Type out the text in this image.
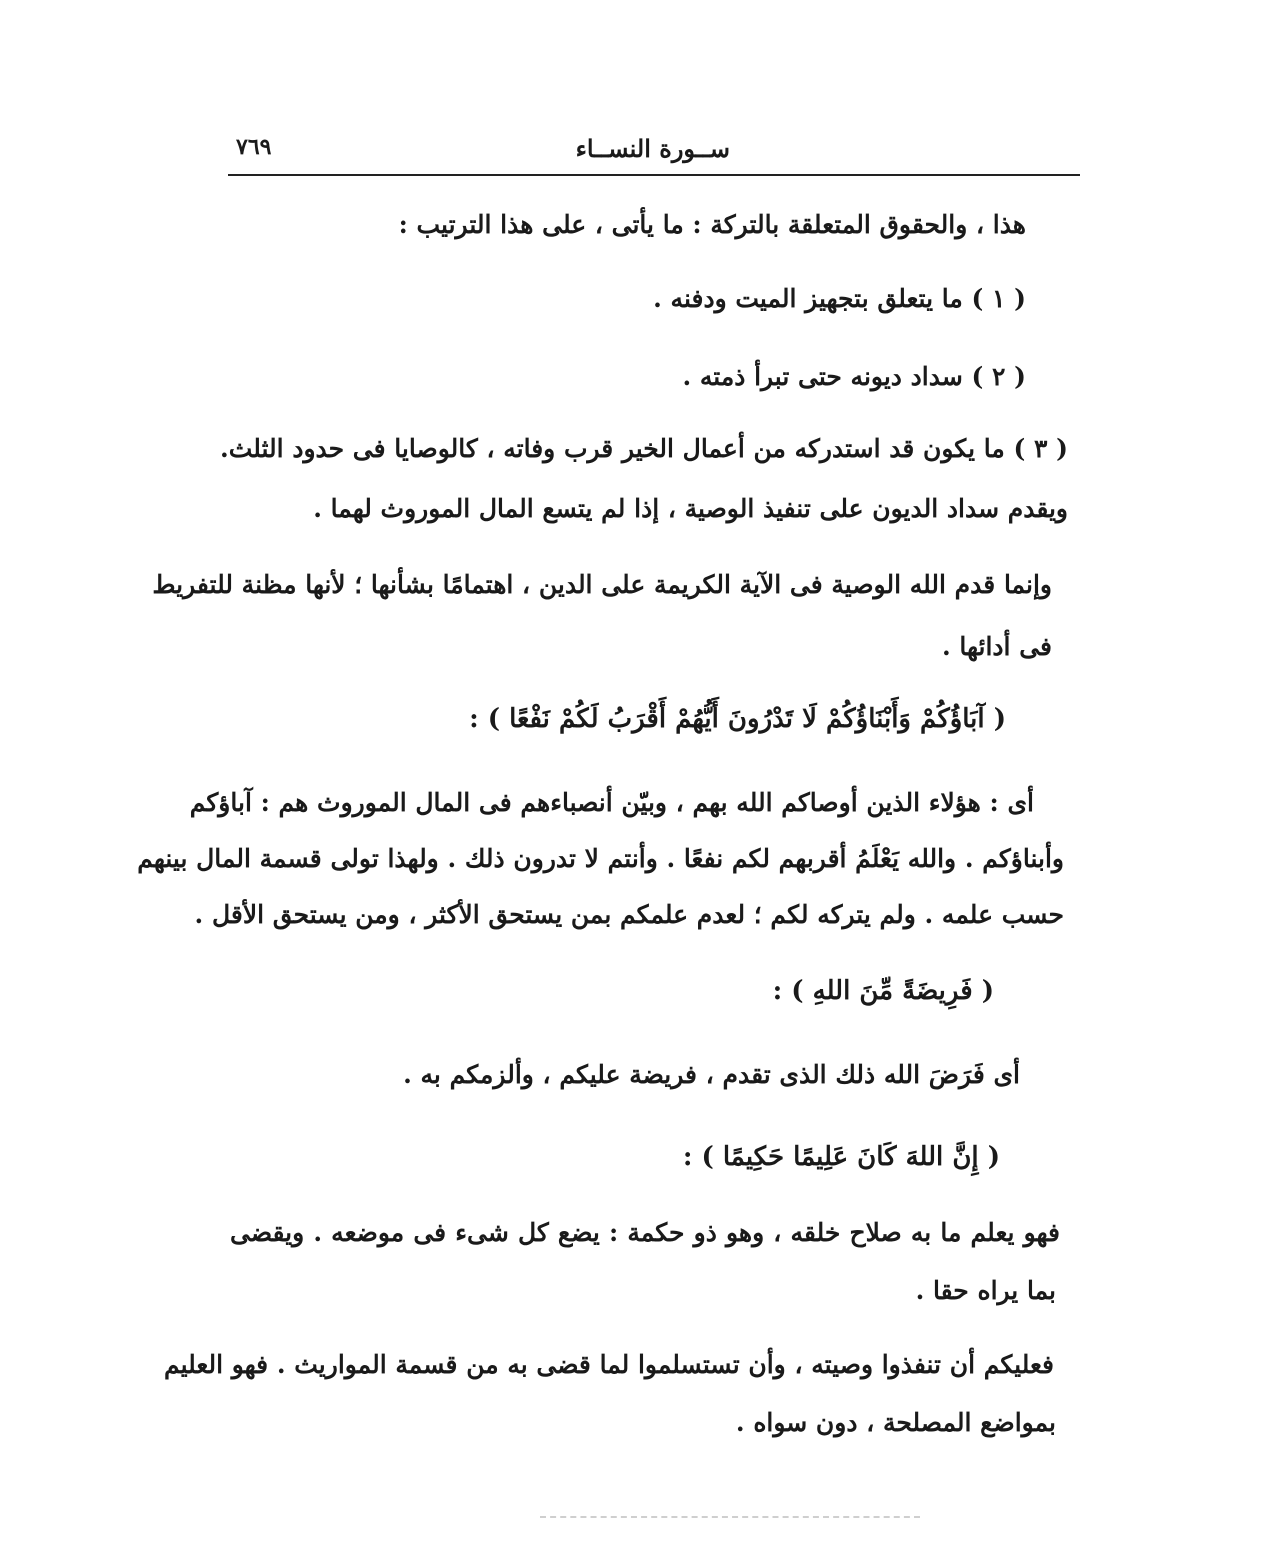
ســورة النســاء
٧٦٩
هذا ، والحقوق المتعلقة بالتركة : ما يأتى ، على هذا الترتيب :
( ١ ) ما يتعلق بتجهيز الميت ودفنه .
( ٢ ) سداد ديونه حتى تبرأ ذمته .
( ٣ ) ما يكون قد استدركه من أعمال الخير قرب وفاته ، كالوصايا فى حدود الثلث.
ويقدم سداد الديون على تنفيذ الوصية ، إذا لم يتسع المال الموروث لهما .
وإنما قدم الله الوصية فى الآية الكريمة على الدين ، اهتمامًا بشأنها ؛ لأنها مظنة للتفريط
فى أدائها .
( آبَاؤُكُمْ وَأَبْنَاؤُكُمْ لَا تَدْرُونَ أَيُّهُمْ أَقْرَبُ لَكُمْ نَفْعًا ) :
أى : هؤلاء الذين أوصاكم الله بهم ، وبيّن أنصباءهم فى المال الموروث هم : آباؤكم
وأبناؤكم . والله يَعْلَمُ أقربهم لكم نفعًا . وأنتم لا تدرون ذلك . ولهذا تولى قسمة المال بينهم
حسب علمه . ولم يتركه لكم ؛ لعدم علمكم بمن يستحق الأكثر ، ومن يستحق الأقل .
( فَرِيضَةً مِّنَ اللهِ ) :
أى فَرَضَ الله ذلك الذى تقدم ، فريضة عليكم ، وألزمكم به .
( إِنَّ اللهَ كَانَ عَلِيمًا حَكِيمًا ) :
فهو يعلم ما به صلاح خلقه ، وهو ذو حكمة : يضع كل شىء فى موضعه . ويقضى
بما يراه حقا .
فعليكم أن تنفذوا وصيته ، وأن تستسلموا لما قضى به من قسمة المواريث . فهو العليم
بمواضع المصلحة ، دون سواه .
